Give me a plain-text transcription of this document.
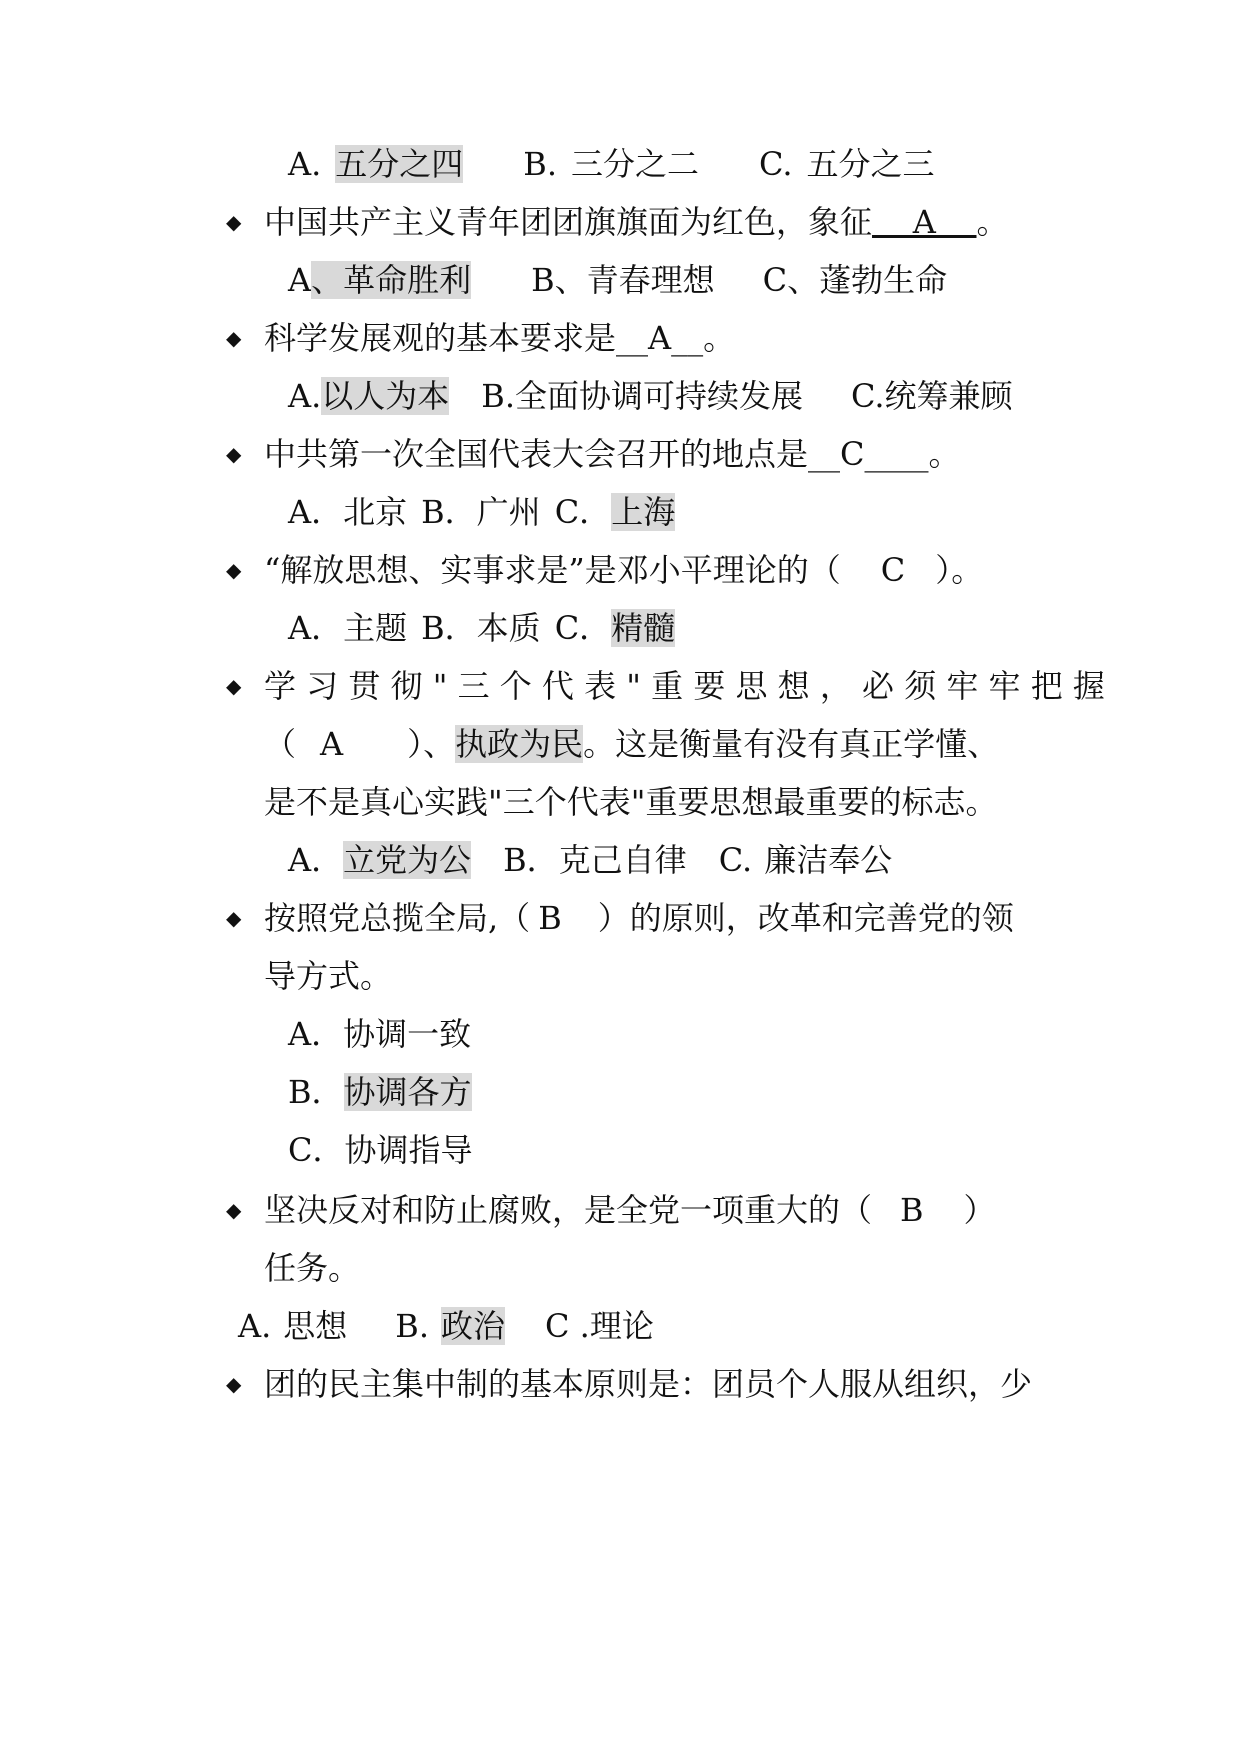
A. 五分之四 B. 三分之二 C. 五分之三
◆ 中国共产主义青年团团旗旗面为红色，象征    A    。
A、革命胜利 B、青春理想 C、蓬勃生命
◆ 科学发展观的基本要求是__A__。
A.以人为本 B.全面协调可持续发展 C.统筹兼顾
◆ 中共第一次全国代表大会召开的地点是__C____。
A．北京 B．广州 C．上海
◆ “解放思想、实事求是”是邓小平理论的（ C ）。
A．主题 B．本质 C．精髓
◆ 学 习 贯 彻 " 三 个 代 表 " 重 要 思 想 ， 必 须 牢 牢 把 握
（ A ）、执政为民。这是衡量有没有真正学懂、
是不是真心实践"三个代表"重要思想最重要的标志。
A．立党为公 B．克己自律 C. 廉洁奉公
◆ 按照党总揽全局,（ B ）的原则，改革和完善党的领
导方式。
A．协调一致
B．协调各方
C．协调指导
◆ 坚决反对和防止腐败，是全党一项重大的（ B ）
任务。
A. 思想 B. 政治 C .理论
◆ 团的民主集中制的基本原则是：团员个人服从组织，少
